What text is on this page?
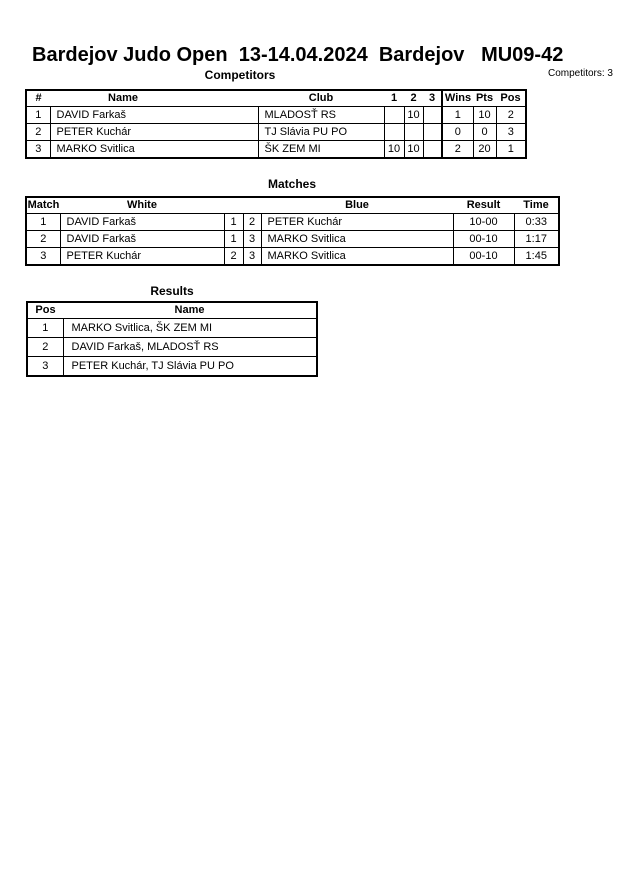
Bardejov Judo Open  13-14.04.2024  Bardejov   MU09-42
Competitors	Competitors: 3
#	Name	Club	1	2	3	Wins	Pts	Pos
1	DAVID Farkaš	MLADOSŤ RS		10		1	10	2
2	PETER Kuchár	TJ Slávia PU PO				0	0	3
3	MARKO Svitlica	ŠK ZEM MI	10	10		2	20	1
Matches
Match	White			Blue	Result	Time
1	DAVID Farkaš	1	2	PETER Kuchár	10-00	0:33
2	DAVID Farkaš	1	3	MARKO Svitlica	00-10	1:17
3	PETER Kuchár	2	3	MARKO Svitlica	00-10	1:45
Results
Pos	Name
1	MARKO Svitlica, ŠK ZEM MI
2	DAVID Farkaš, MLADOSŤ RS
3	PETER Kuchár, TJ Slávia PU PO
